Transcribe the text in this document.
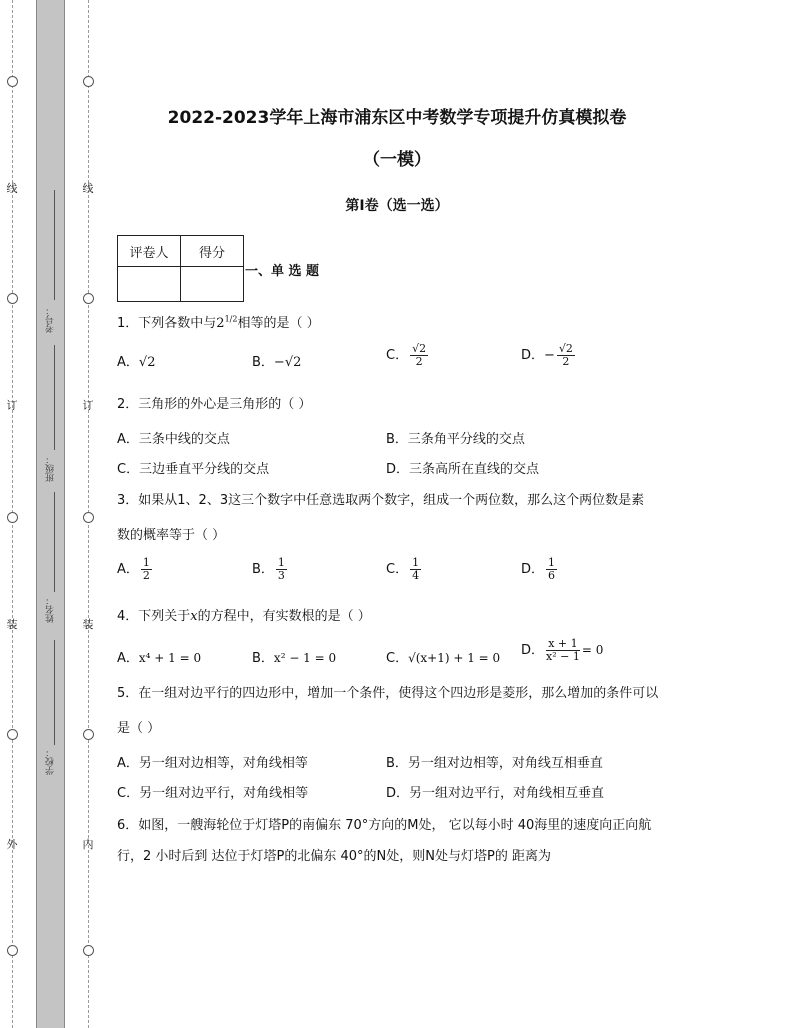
线
订
装
外
线
订
装
内
考号：
班级：
姓名：
学校：
2022-2023学年上海市浦东区中考数学专项提升仿真模拟卷
（一模）
第I卷（选一选）
评卷人	得分

一、单 选 题
1．下列各数中与$2^{1/2}$相等的是（ ）
A．√2	B．−√2	C． $\frac{√2}{2}$	D．− $\frac{√2}{2}$
2．三角形的外心是三角形的（ ）
A．三条中线的交点	B．三条角平分线的交点
C．三边垂直平分线的交点	D．三条高所在直线的交点
3．如果从1、2、3这三个数字中任意选取两个数字，组成一个两位数，那么这个两位数是素
数的概率等于（ ）
A． $\frac{1}{2}$	B． $\frac{1}{3}$	C． $\frac{1}{4}$	D． $\frac{1}{6}$
4．下列关于x的方程中，有实数根的是（ ）
A．x⁴ + 1 = 0	B．x² − 1 = 0	C．√(x+1) + 1 = 0 D． $\frac{x + 1}{\text{x² − 1}} = 0$
5．在一组对边平行的四边形中，增加一个条件，使得这个四边形是菱形，那么增加的条件可以
是（ ）
A．另一组对边相等，对角线相等	B．另一组对边相等，对角线互相垂直
C．另一组对边平行，对角线相等	D．另一组对边平行，对角线相互垂直
6．如图，一艘海轮位于灯塔P的南偏东 70°方向的M处， 它以每小时 40海里的速度向正向航
行，2 小时后到 达位于灯塔P的北偏东 40°的N处，则N处与灯塔P的 距离为
